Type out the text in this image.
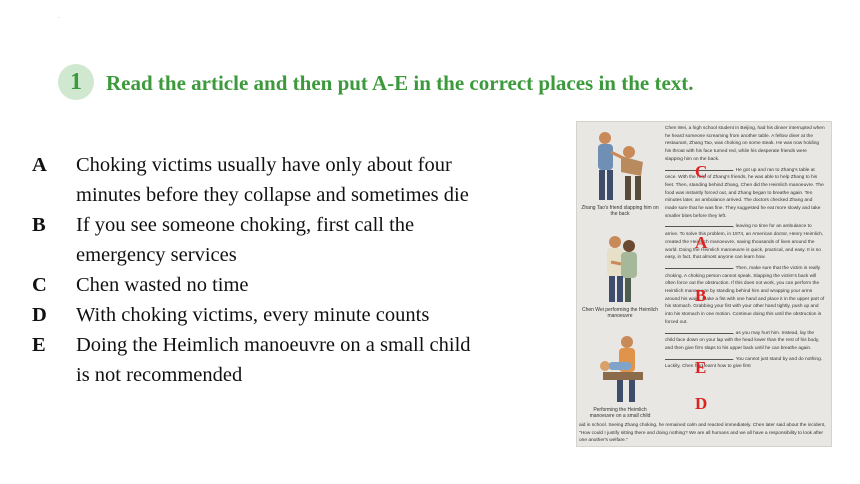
.
1	Read the article and then put A-E in the correct places in the text.
A	Choking victims usually have only about four
minutes before they collapse and sometimes die
B	If you see someone choking, first call the
emergency services
C	Chen wasted no time
D	With choking victims, every minute counts
E	Doing the Heimlich manoeuvre on a small child
is not recommended
Zhang Tao's friend slapping him on the back
Chen Wei performing the Heimlich manoeuvre
Performing the Heimlich manoeuvre on a small child

Chen Wei, a high school student in Beijing, had his dinner interrupted when he heard someone screaming from another table. A fellow diner at the restaurant, Zhang Tao, was choking on some steak. He was now holding his throat with his face turned red, while his desperate friends were slapping him on the back.

. He got up and ran to Zhang's table at once. With the help of Zhang's friends, he was able to help Zhang to his feet. Then, standing behind Zhang, Chen did the Heimlich manoeuvre. The food was instantly forced out, and Zhang began to breathe again. Ten minutes later, an ambulance arrived. The doctors checked Zhang and made sure that he was fine. They suggested he eat more slowly and take smaller bites before they left.

, leaving no time for an ambulance to arrive. To solve this problem, in 1974, an American doctor, Henry Heimlich, created the Heimlich manoeuvre, saving thousands of lives around the world. Doing the Heimlich manoeuvre is quick, practical, and easy. It is so easy, in fact, that almost anyone can learn how.

. Then, make sure that the victim is really choking. A choking person cannot speak. Slapping the victim's back will often force out the obstruction. If this does not work, you can perform the Heimlich manoeuvre by standing behind him and wrapping your arms around his waist. Make a fist with one hand and place it in the upper part of his stomach. Grabbing your fist with your other hand tightly, push up and into his stomach in one motion. Continue doing this until the obstruction is forced out.

, as you may hurt him. Instead, lay the child face down on your lap with the head lower than the rest of his body, and then give firm slaps to his upper back until he can breathe again.

. You cannot just stand by and do nothing. Luckily, Chen had learnt how to give first

aid in school. Seeing Zhang choking, he remained calm and reacted immediately. Chen later said about the incident, "How could I justify sitting there and doing nothing? We are all humans and we all have a responsibility to look after one another's welfare."
C
A
B
E
D
